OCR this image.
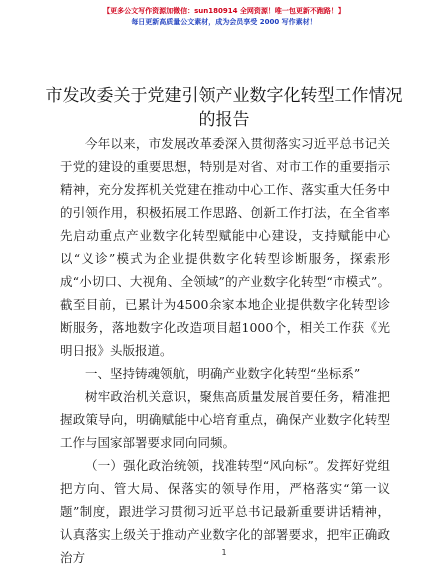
【更多公文写作资源加微信：sun180914 全网资源！唯一包更新不跑路！】
每日更新高质量公文素材，成为会员享受 2000 写作素材！
市发改委关于党建引领产业数字化转型工作情况的报告

今年以来，市发展改革委深入贯彻落实习近平总书记关于党的建设的重要思想，特别是对省、对市工作的重要指示精神，充分发挥机关党建在推动中心工作、落实重大任务中的引领作用，积极拓展工作思路、创新工作打法，在全省率先启动重点产业数字化转型赋能中心建设，支持赋能中心以“义诊”模式为企业提供数字化转型诊断服务，探索形成“小切口、大视角、全领域”的产业数字化转型“市模式”。截至目前，已累计为4500余家本地企业提供数字化转型诊断服务，落地数字化改造项目超1000个，相关工作获《光明日报》头版报道。

一、坚持铸魂领航，明确产业数字化转型“坐标系”

树牢政治机关意识，聚焦高质量发展首要任务，精准把握政策导向，明确赋能中心培育重点，确保产业数字化转型工作与国家部署要求同向同频。

（一）强化政治统领，找准转型“风向标”。发挥好党组把方向、管大局、保落实的领导作用，严格落实“第一议题”制度，跟进学习贯彻习近平总书记最新重要讲话精神，认真落实上级关于推动产业数字化的部署要求，把牢正确政治方	1
